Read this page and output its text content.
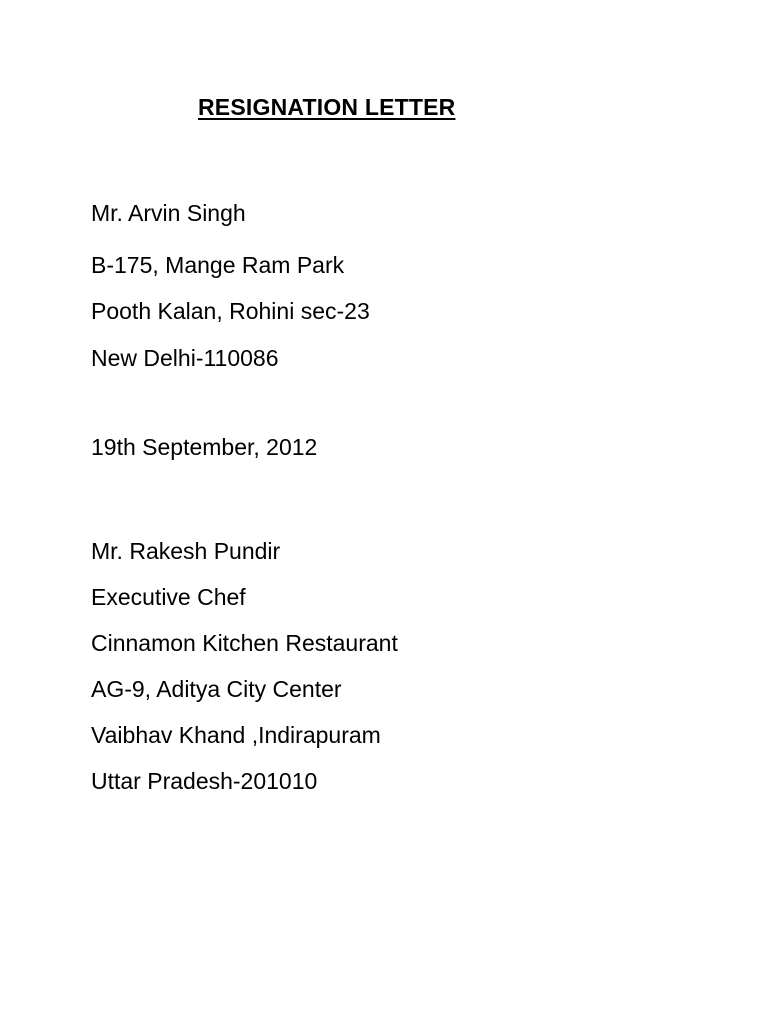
RESIGNATION LETTER
Mr. Arvin Singh
B-175, Mange Ram Park
Pooth Kalan, Rohini sec-23
New Delhi-110086
19th September, 2012
Mr. Rakesh Pundir
Executive Chef
Cinnamon Kitchen Restaurant
AG-9, Aditya City Center
Vaibhav Khand ,Indirapuram
Uttar Pradesh-201010
